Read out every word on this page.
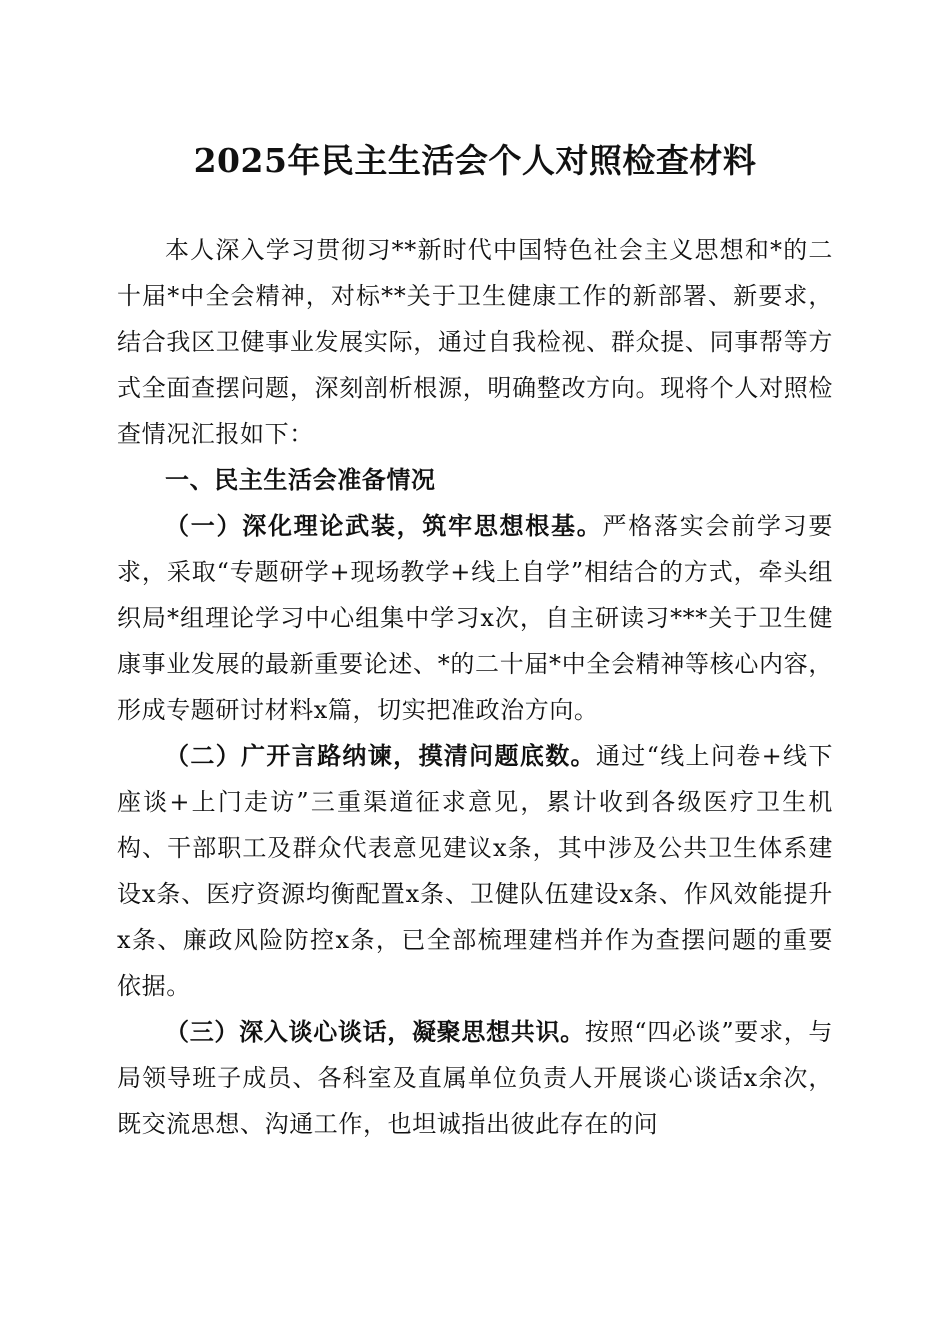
2025年民主生活会个人对照检查材料

本人深入学习贯彻习**新时代中国特色社会主义思想和*的二十届*中全会精神，对标**关于卫生健康工作的新部署、新要求，结合我区卫健事业发展实际，通过自我检视、群众提、同事帮等方式全面查摆问题，深刻剖析根源，明确整改方向。现将个人对照检查情况汇报如下：

一、民主生活会准备情况

（一）深化理论武装，筑牢思想根基。严格落实会前学习要求，采取“专题研学+现场教学+线上自学”相结合的方式，牵头组织局*组理论学习中心组集中学习x次，自主研读习***关于卫生健康事业发展的最新重要论述、*的二十届*中全会精神等核心内容，形成专题研讨材料x篇，切实把准政治方向。

（二）广开言路纳谏，摸清问题底数。通过“线上问卷+线下座谈+上门走访”三重渠道征求意见，累计收到各级医疗卫生机构、干部职工及群众代表意见建议x条，其中涉及公共卫生体系建设x条、医疗资源均衡配置x条、卫健队伍建设x条、作风效能提升x条、廉政风险防控x条，已全部梳理建档并作为查摆问题的重要依据。

（三）深入谈心谈话，凝聚思想共识。按照“四必谈”要求，与局领导班子成员、各科室及直属单位负责人开展谈心谈话x余次，既交流思想、沟通工作，也坦诚指出彼此存在的问
